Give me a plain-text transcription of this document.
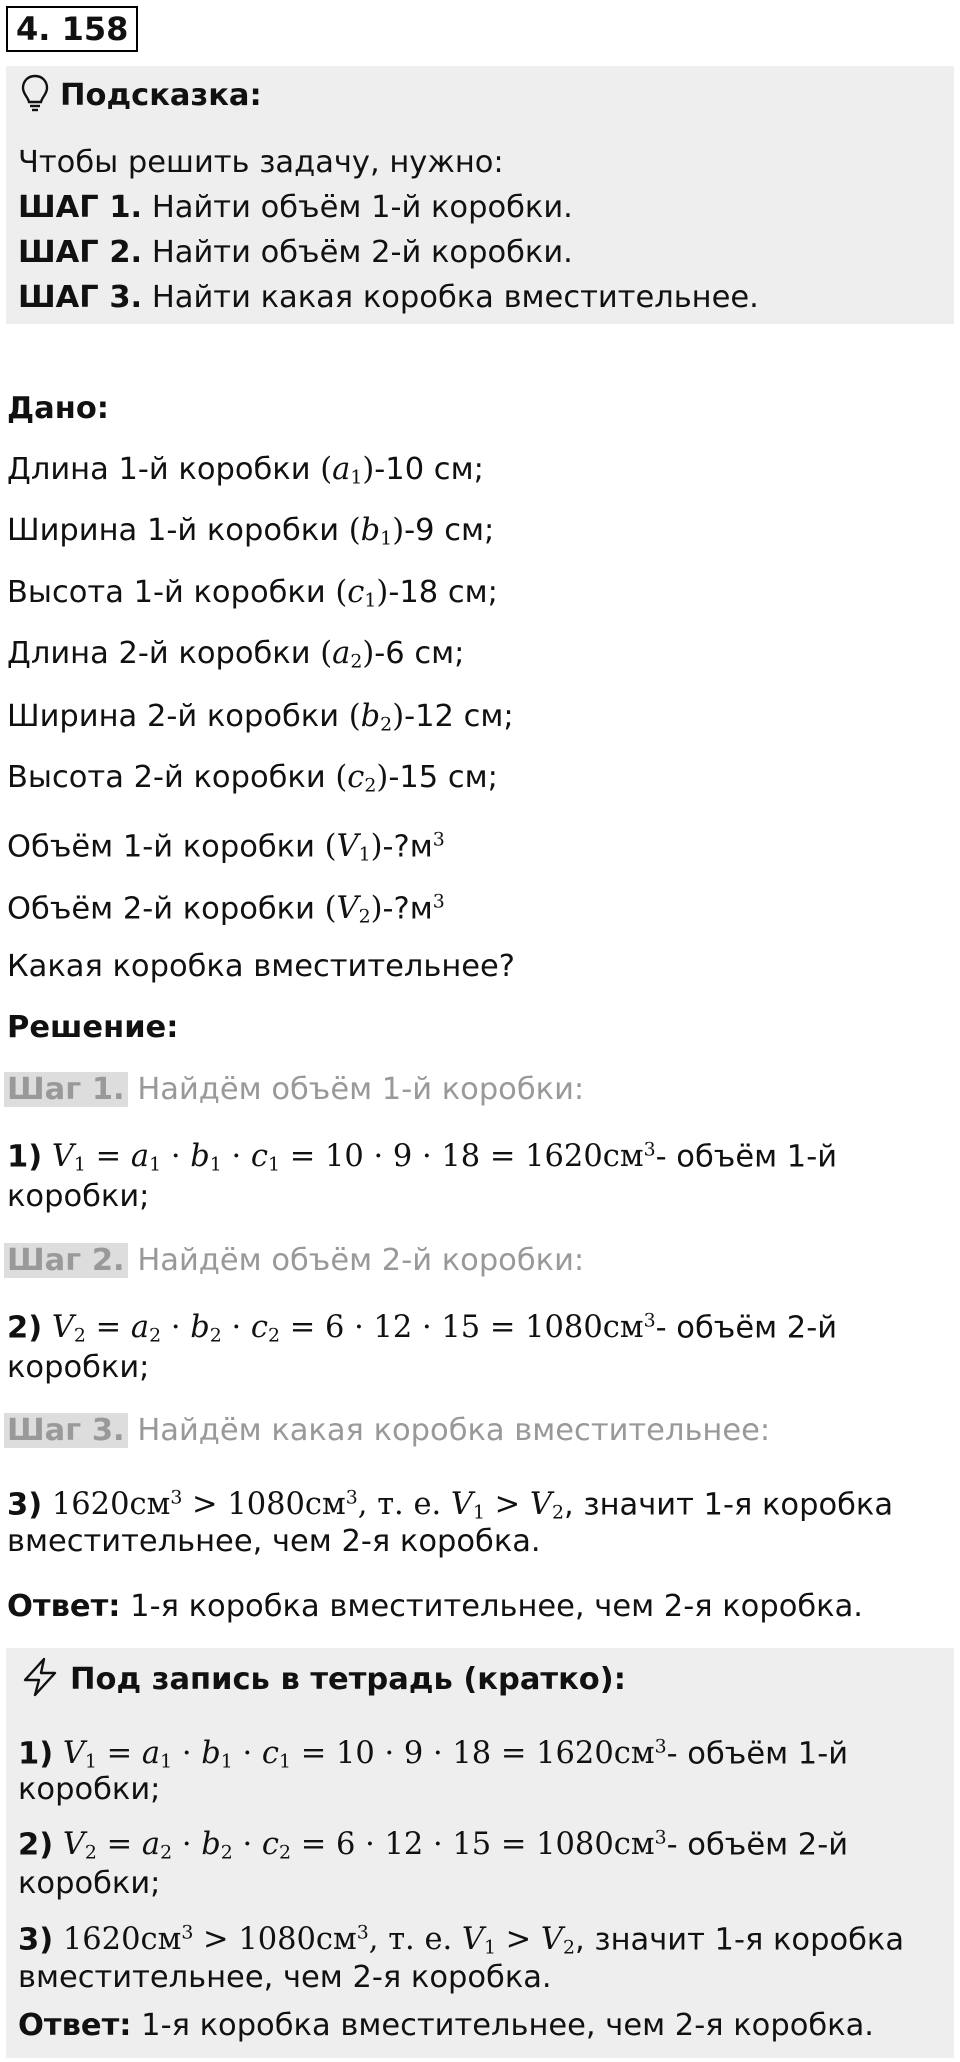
4. 158
Подсказка:
Чтобы решить задачу, нужно:
ШАГ 1. Найти объём 1-й коробки.
ШАГ 2. Найти объём 2-й коробки.
ШАГ 3. Найти какая коробка вместительнее.
Дано:
Длина 1-й коробки $(a_1)-10$ см;
Ширина 1-й коробки $(b_1)-9$ см;
Высота 1-й коробки $(c_1)-18$ см;
Длина 2-й коробки $(a_2)-6$ см;
Ширина 2-й коробки $(b_2)-12$ см;
Высота 2-й коробки $(c_2)-15$ см;
Объём 1-й коробки $(V_1)-?м^3$
Объём 2-й коробки $(V_2)-?м^3$
Какая коробка вместительнее?
Решение:
Шаг 1. Найдём объём 1-й коробки:
1) $V_1 = a_1 \cdot b_1 \cdot c_1 = 10 \cdot 9 \cdot 18 = 1620см^3-$ объём 1-й
коробки;
Шаг 2. Найдём объём 2-й коробки:
2) $V_2 = a_2 \cdot b_2 \cdot c_2 = 6 \cdot 12 \cdot 15 = 1080см^3-$ объём 2-й
коробки;
Шаг 3. Найдём какая коробка вместительнее:
3) $1620см^3 > 1080см^3$, т. е. $V_1 > V_2$, значит 1-я коробка
вместительнее, чем 2-я коробка.
Ответ: 1-я коробка вместительнее, чем 2-я коробка.
Под запись в тетрадь (кратко):
1) $V_1 = a_1 \cdot b_1 \cdot c_1 = 10 \cdot 9 \cdot 18 = 1620см^3-$ объём 1-й
коробки;
2) $V_2 = a_2 \cdot b_2 \cdot c_2 = 6 \cdot 12 \cdot 15 = 1080см^3-$ объём 2-й
коробки;
3) $1620см^3 > 1080см^3$, т. е. $V_1 > V_2$, значит 1-я коробка
вместительнее, чем 2-я коробка.
Ответ: 1-я коробка вместительнее, чем 2-я коробка.
